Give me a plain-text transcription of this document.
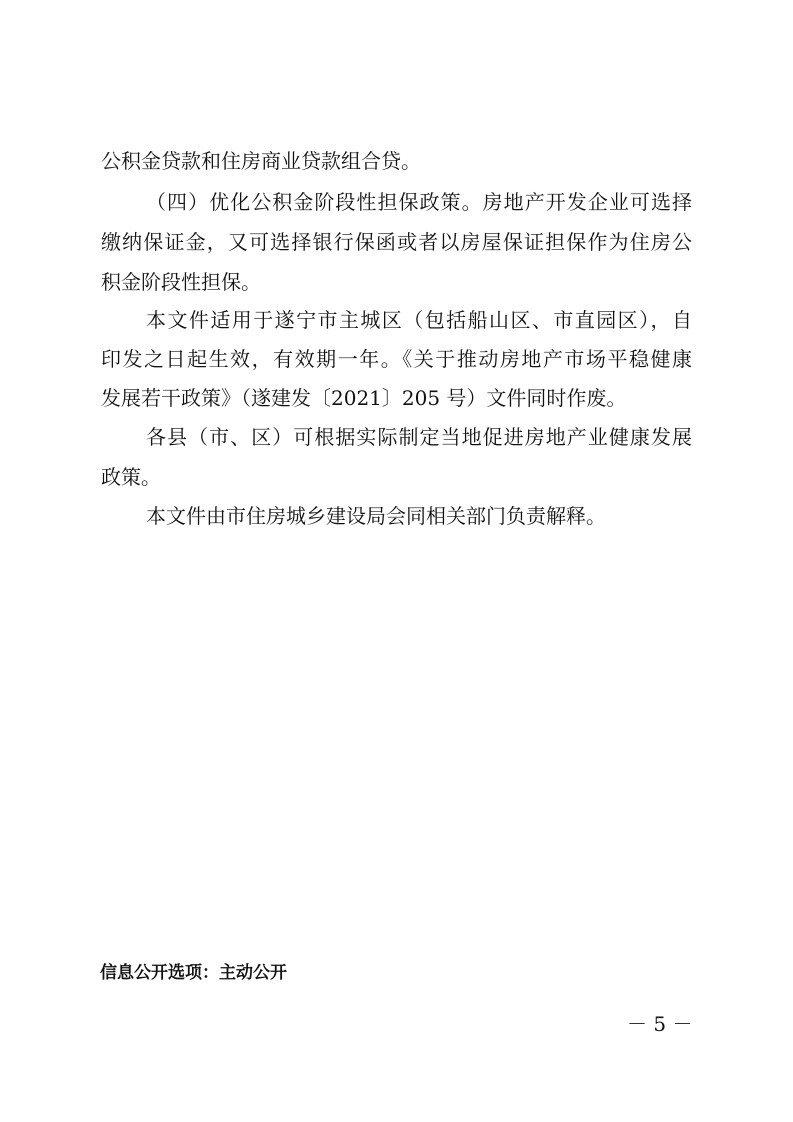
公积金贷款和住房商业贷款组合贷。
（四）优化公积金阶段性担保政策。房地产开发企业可选择
缴纳保证金，又可选择银行保函或者以房屋保证担保作为住房公
积金阶段性担保。
本文件适用于遂宁市主城区（包括船山区、市直园区），自
印发之日起生效，有效期一年。《关于推动房地产市场平稳健康
发展若干政策》（遂建发〔2021〕205 号）文件同时作废。
各县（市、区）可根据实际制定当地促进房地产业健康发展
政策。
本文件由市住房城乡建设局会同相关部门负责解释。
信息公开选项：主动公开
－ 5 －
